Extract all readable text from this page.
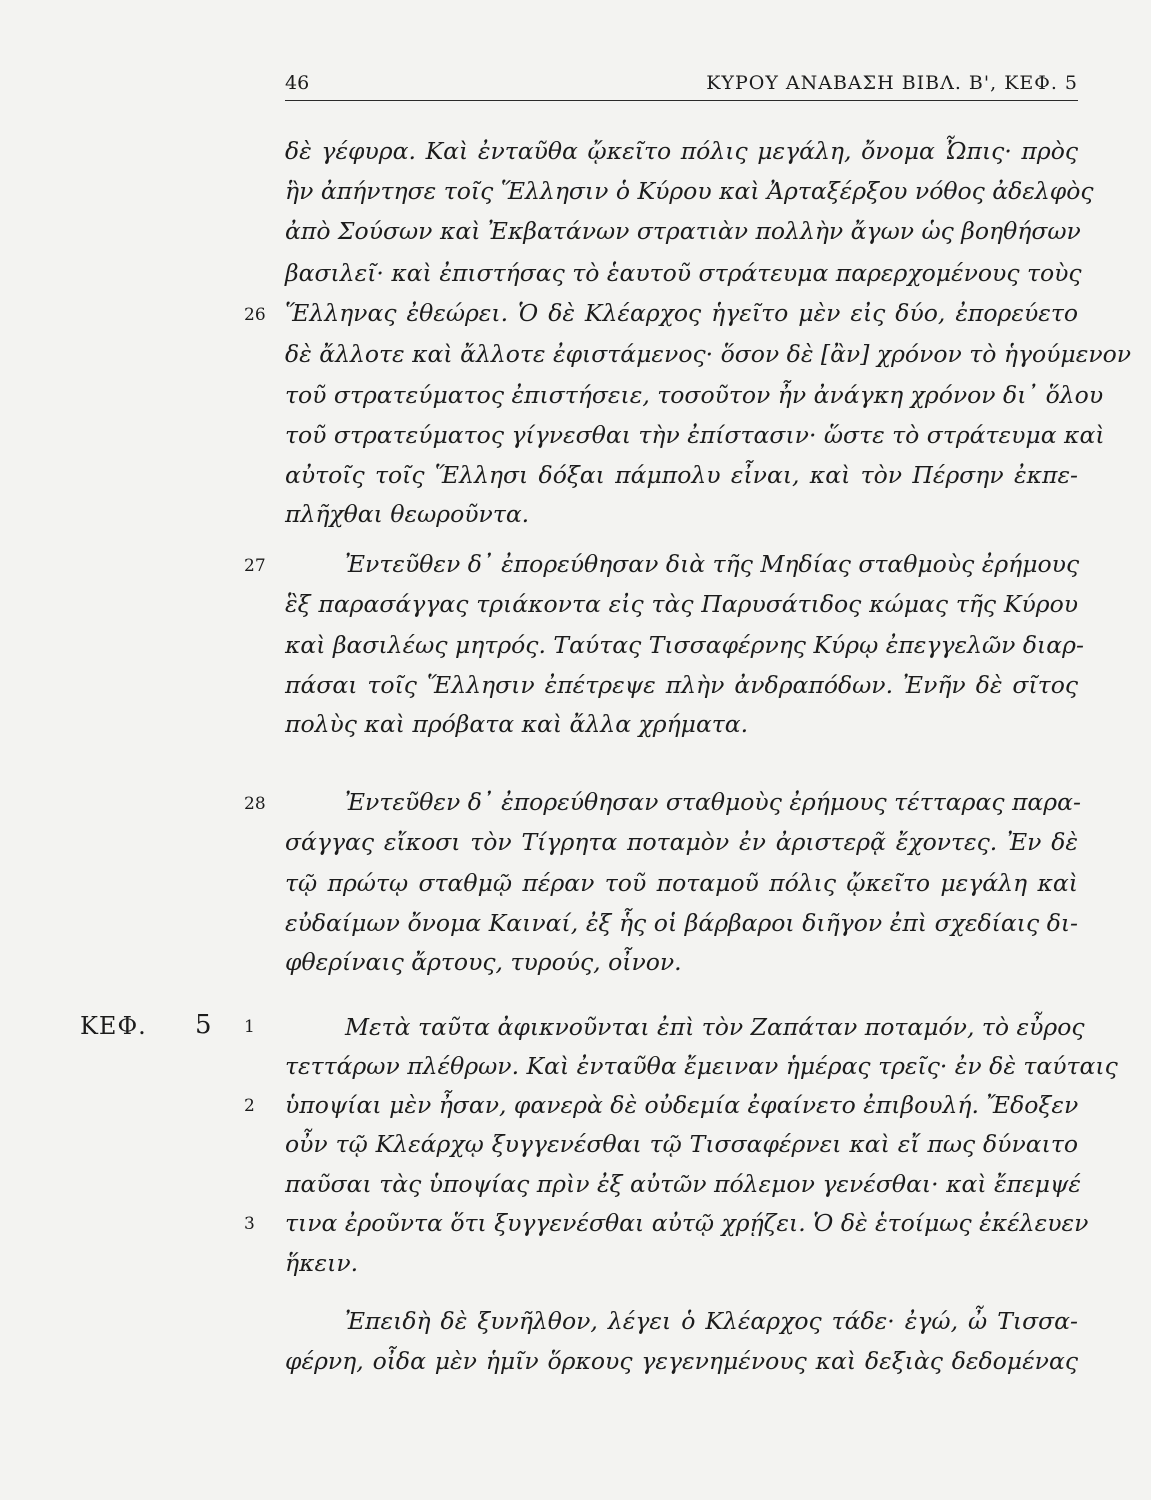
46	ΚΥΡΟΥ ΑΝΑΒΑΣΗ ΒΙΒΛ. Β', ΚΕΦ. 5
26
27
28
1
2
3
ΚΕΦ. 5
δὲ γέφυρα. Καὶ ἐνταῦθα ᾤκεῖτο πόλις μεγάλη, ὄνομα Ὦπις· πρὸς
ἣν ἀπήντησε τοῖς Ἕλλησιν ὁ Κύρου καὶ Ἀρταξέρξου νόθος ἀδελφὸς
ἀπὸ Σούσων καὶ Ἐκβατάνων στρατιὰν πολλὴν ἄγων ὡς βοηθήσων
βασιλεῖ· καὶ ἐπιστήσας τὸ ἑαυτοῦ στράτευμα παρερχομένους τοὺς
Ἕλληνας ἐθεώρει. Ὁ δὲ Κλέαρχος ἡγεῖτο μὲν εἰς δύο, ἐπορεύετο
δὲ ἄλλοτε καὶ ἄλλοτε ἐφιστάμενος· ὅσον δὲ [ἂν] χρόνον τὸ ἡγούμενον
τοῦ στρατεύματος ἐπιστήσειε, τοσοῦτον ἦν ἀνάγκη χρόνον δι᾽ ὅλου
τοῦ στρατεύματος γίγνεσθαι τὴν ἐπίστασιν· ὥστε τὸ στράτευμα καὶ
αὐτοῖς τοῖς Ἕλλησι δόξαι πάμπολυ εἶναι, καὶ τὸν Πέρσην ἐκπε-
πλῆχθαι θεωροῦντα.
Ἐντεῦθεν δ᾽ ἐπορεύθησαν διὰ τῆς Μηδίας σταθμοὺς ἐρήμους
ἓξ παρασάγγας τριάκοντα εἰς τὰς Παρυσάτιδος κώμας τῆς Κύρου
καὶ βασιλέως μητρός. Ταύτας Τισσαφέρνης Κύρῳ ἐπεγγελῶν διαρ-
πάσαι τοῖς Ἕλλησιν ἐπέτρεψε πλὴν ἀνδραπόδων. Ἐνῆν δὲ σῖτος
πολὺς καὶ πρόβατα καὶ ἄλλα χρήματα.
Ἐντεῦθεν δ᾽ ἐπορεύθησαν σταθμοὺς ἐρήμους τέτταρας παρα-
σάγγας εἴκοσι τὸν Τίγρητα ποταμὸν ἐν ἀριστερᾷ ἔχοντες. Ἐν δὲ
τῷ πρώτῳ σταθμῷ πέραν τοῦ ποταμοῦ πόλις ᾤκεῖτο μεγάλη καὶ
εὐδαίμων ὄνομα Καιναί, ἐξ ἧς οἱ βάρβαροι διῆγον ἐπὶ σχεδίαις δι-
φθερίναις ἄρτους, τυρούς, οἶνον.
Μετὰ ταῦτα ἀφικνοῦνται ἐπὶ τὸν Ζαπάταν ποταμόν, τὸ εὖρος
τεττάρων πλέθρων. Καὶ ἐνταῦθα ἔμειναν ἡμέρας τρεῖς· ἐν δὲ ταύταις
ὑποψίαι μὲν ἦσαν, φανερὰ δὲ οὐδεμία ἐφαίνετο ἐπιβουλή. Ἔδοξεν
οὖν τῷ Κλεάρχῳ ξυγγενέσθαι τῷ Τισσαφέρνει καὶ εἴ πως δύναιτο
παῦσαι τὰς ὑποψίας πρὶν ἐξ αὐτῶν πόλεμον γενέσθαι· καὶ ἔπεμψέ
τινα ἐροῦντα ὅτι ξυγγενέσθαι αὐτῷ χρῄζει. Ὁ δὲ ἑτοίμως ἐκέλευεν
ἥκειν.
Ἐπειδὴ δὲ ξυνῆλθον, λέγει ὁ Κλέαρχος τάδε· ἐγώ, ὦ Τισσα-
φέρνη, οἶδα μὲν ἡμῖν ὅρκους γεγενημένους καὶ δεξιὰς δεδομένας
